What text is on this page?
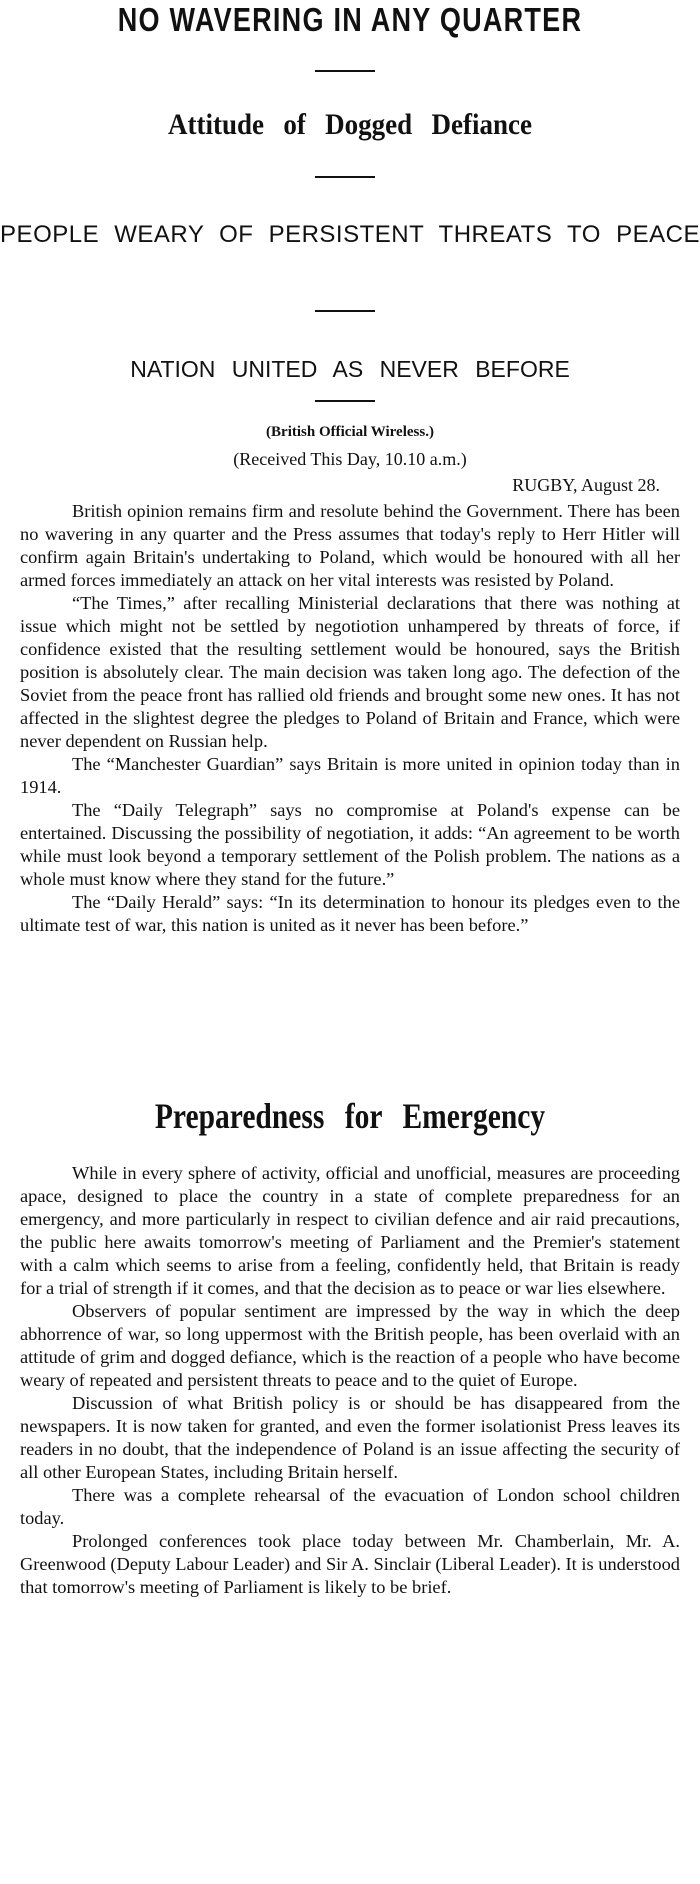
NO WAVERING IN ANY QUARTER
Attitude of Dogged Defiance
PEOPLE WEARY OF PERSISTENT THREATS TO PEACE
NATION UNITED AS NEVER BEFORE
(British Official Wireless.)
(Received This Day, 10.10 a.m.)
RUGBY, August 28.

British opinion remains firm and resolute behind the Government. There has been no wavering in any quarter and the Press assumes that today's reply to Herr Hitler will confirm again Britain's undertaking to Poland, which would be honoured with all her armed forces immediately an attack on her vital interests was resisted by Poland.

“The Times,” after recalling Ministerial declarations that there was nothing at issue which might not be settled by negotiotion unhampered by threats of force, if confidence existed that the resulting settlement would be honoured, says the British position is absolutely clear. The main decision was taken long ago. The defection of the Soviet from the peace front has rallied old friends and brought some new ones. It has not affected in the slightest degree the pledges to Poland of Britain and France, which were never dependent on Russian help.

The “Manchester Guardian” says Britain is more united in opinion today than in 1914.

The “Daily Telegraph” says no compromise at Poland's expense can be entertained. Discussing the possibility of negotiation, it adds: “An agreement to be worth while must look beyond a temporary settlement of the Polish problem. The nations as a whole must know where they stand for the future.”

The “Daily Herald” says: “In its determination to honour its pledges even to the ultimate test of war, this nation is united as it never has been before.”

Preparedness for Emergency

While in every sphere of activity, official and unofficial, measures are proceeding apace, designed to place the country in a state of complete preparedness for an emergency, and more particularly in respect to civilian defence and air raid precautions, the public here awaits tomorrow's meeting of Parliament and the Premier's statement with a calm which seems to arise from a feeling, confidently held, that Britain is ready for a trial of strength if it comes, and that the decision as to peace or war lies elsewhere.

Observers of popular sentiment are impressed by the way in which the deep abhorrence of war, so long uppermost with the British people, has been overlaid with an attitude of grim and dogged defiance, which is the reaction of a people who have become weary of repeated and persistent threats to peace and to the quiet of Europe.

Discussion of what British policy is or should be has disappeared from the newspapers. It is now taken for granted, and even the former isolationist Press leaves its readers in no doubt, that the independence of Poland is an issue affecting the security of all other European States, including Britain herself.

There was a complete rehearsal of the evacuation of London school children today.

Prolonged conferences took place today between Mr. Chamberlain, Mr. A. Greenwood (Deputy Labour Leader) and Sir A. Sinclair (Liberal Leader). It is understood that tomorrow's meeting of Parliament is likely to be brief.
